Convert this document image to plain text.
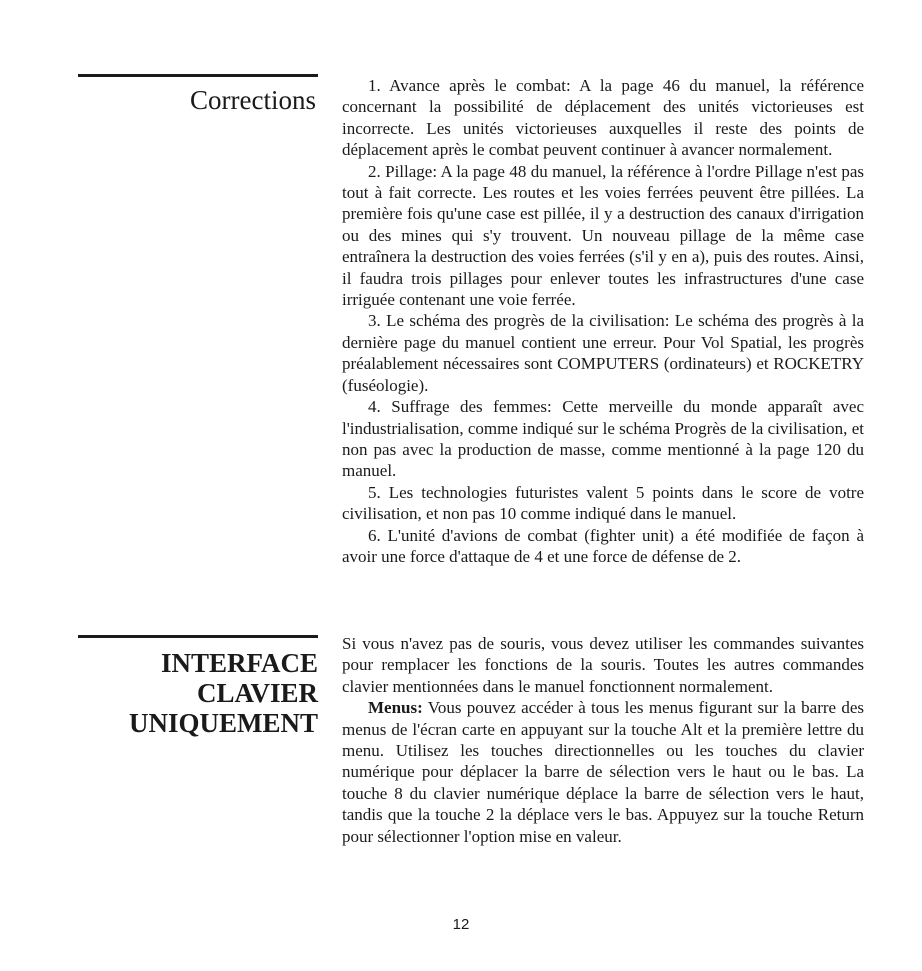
Corrections	1. Avance après le combat: A la page 46 du manuel, la référence concernant la possibilité de déplacement des unités victorieuses est incorrecte. Les unités victorieuses auxquelles il reste des points de déplacement après le combat peuvent continuer à avancer normalement.

2. Pillage: A la page 48 du manuel, la référence à l'ordre Pillage n'est pas tout à fait correcte. Les routes et les voies ferrées peuvent être pillées. La première fois qu'une case est pillée, il y a destruction des canaux d'irrigation ou des mines qui s'y trouvent. Un nouveau pillage de la même case entraînera la destruction des voies ferrées (s'il y en a), puis des routes. Ainsi, il faudra trois pillages pour enlever toutes les infrastructures d'une case irriguée contenant une voie ferrée.

3. Le schéma des progrès de la civilisation: Le schéma des progrès à la dernière page du manuel contient une erreur. Pour Vol Spatial, les progrès préalablement nécessaires sont COMPUTERS (ordinateurs) et ROCKETRY (fuséologie).

4. Suffrage des femmes: Cette merveille du monde apparaît avec l'industrialisation, comme indiqué sur le schéma Progrès de la civilisation, et non pas avec la production de masse, comme mentionné à la page 120 du manuel.

5. Les technologies futuristes valent 5 points dans le score de votre civilisation, et non pas 10 comme indiqué dans le manuel.

6. L'unité d'avions de combat (fighter unit) a été modifiée de façon à avoir une force d'attaque de 4 et une force de défense de 2.

INTERFACE
CLAVIER
UNIQUEMENT

Si vous n'avez pas de souris, vous devez utiliser les commandes suivantes pour remplacer les fonctions de la souris. Toutes les autres commandes clavier mentionnées dans le manuel fonctionnent normalement.

Menus: Vous pouvez accéder à tous les menus figurant sur la barre des menus de l'écran carte en appuyant sur la touche Alt et la première lettre du menu. Utilisez les touches directionnelles ou les touches du clavier numérique pour déplacer la barre de sélection vers le haut ou le bas. La touche 8 du clavier numérique déplace la barre de sélection vers le haut, tandis que la touche 2 la déplace vers le bas. Appuyez sur la touche Return pour sélectionner l'option mise en valeur.

12
